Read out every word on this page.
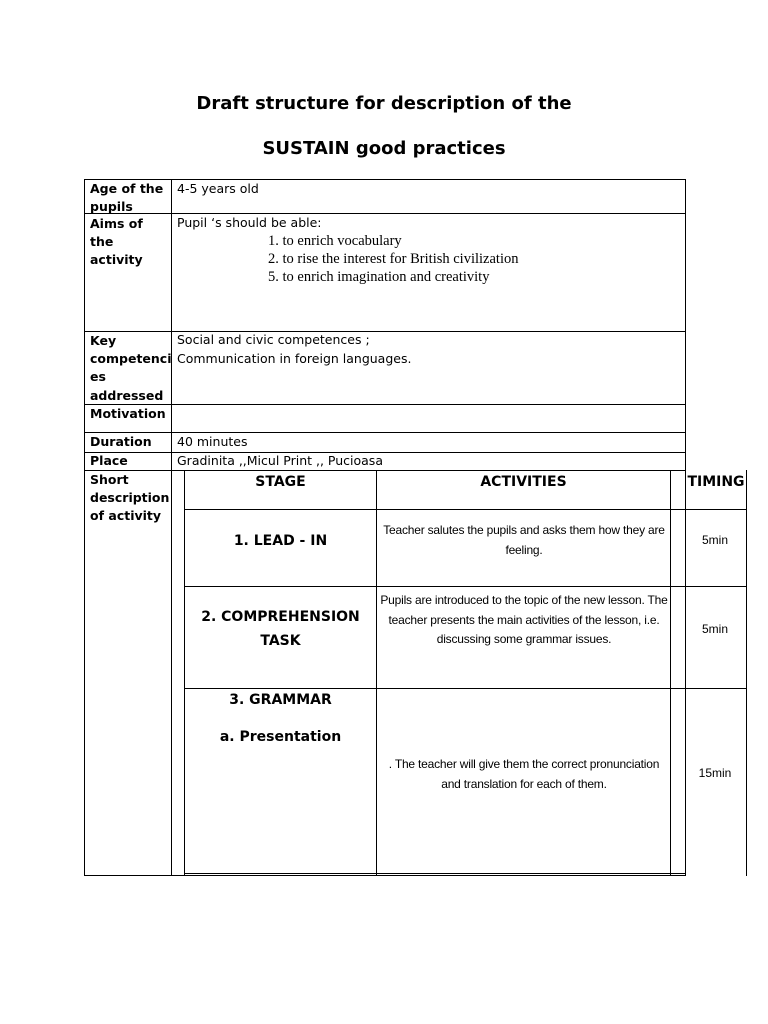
Draft structure for description of the
SUSTAIN good practices
Age of the pupils
Aims of the activity
Key competenci es addressed
Motivation
Duration
Place
Short description of activity
4-5 years old
Pupil ‘s should be able:
1. to enrich vocabulary
2. to rise the interest for British civilization
5. to enrich imagination and creativity
Social and civic competences ;
Communication in foreign languages.
40 minutes
Gradinita ,,Micul Print ,, Pucioasa
STAGE	ACTIVITIES	TIMING
1. LEAD - IN
Teacher salutes the pupils and asks them how they are feeling.
5min
2. COMPREHENSION TASK
Pupils are introduced to the topic of the new lesson. The teacher presents the main activities of the lesson, i.e. discussing some grammar issues.
5min
3. GRAMMAR
a. Presentation
. The teacher will give them the correct pronunciation and translation for each of them.
15min
